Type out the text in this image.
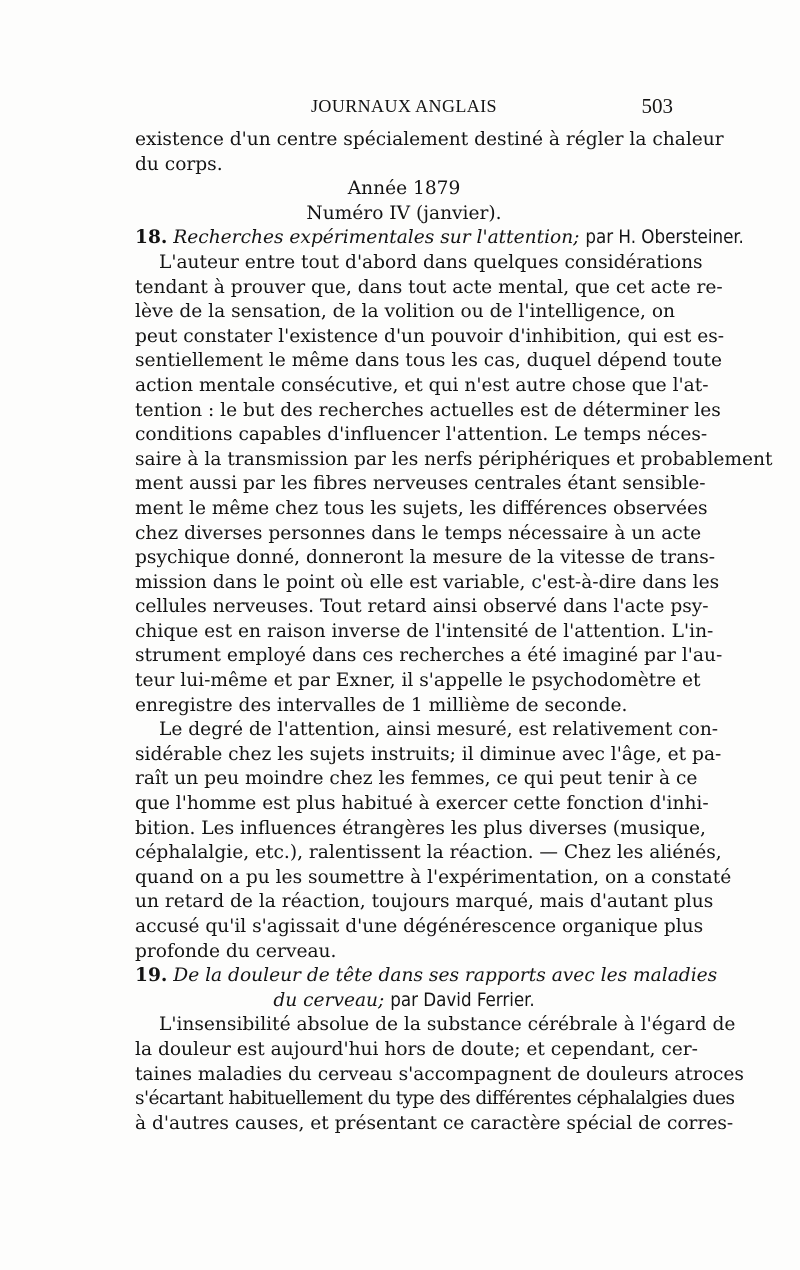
JOURNAUX ANGLAIS	503
existence d'un centre spécialement destiné à régler la chaleur
du corps.
Année 1879
Numéro IV (janvier).
18. Recherches expérimentales sur l'attention; par H. Obersteiner.
L'auteur entre tout d'abord dans quelques considérations
tendant à prouver que, dans tout acte mental, que cet acte re-
lève de la sensation, de la volition ou de l'intelligence, on
peut constater l'existence d'un pouvoir d'inhibition, qui est es-
sentiellement le même dans tous les cas, duquel dépend toute
action mentale consécutive, et qui n'est autre chose que l'at-
tention : le but des recherches actuelles est de déterminer les
conditions capables d'influencer l'attention. Le temps néces-
saire à la transmission par les nerfs périphériques et probablement
ment aussi par les fibres nerveuses centrales étant sensible-
ment le même chez tous les sujets, les différences observées
chez diverses personnes dans le temps nécessaire à un acte
psychique donné, donneront la mesure de la vitesse de trans-
mission dans le point où elle est variable, c'est-à-dire dans les
cellules nerveuses. Tout retard ainsi observé dans l'acte psy-
chique est en raison inverse de l'intensité de l'attention. L'in-
strument employé dans ces recherches a été imaginé par l'au-
teur lui-même et par Exner, il s'appelle le psychodomètre et
enregistre des intervalles de 1 millième de seconde.
Le degré de l'attention, ainsi mesuré, est relativement con-
sidérable chez les sujets instruits; il diminue avec l'âge, et pa-
raît un peu moindre chez les femmes, ce qui peut tenir à ce
que l'homme est plus habitué à exercer cette fonction d'inhi-
bition. Les influences étrangères les plus diverses (musique,
céphalalgie, etc.), ralentissent la réaction. — Chez les aliénés,
quand on a pu les soumettre à l'expérimentation, on a constaté
un retard de la réaction, toujours marqué, mais d'autant plus
accusé qu'il s'agissait d'une dégénérescence organique plus
profonde du cerveau.
19. De la douleur de tête dans ses rapports avec les maladies
du cerveau; par David Ferrier.
L'insensibilité absolue de la substance cérébrale à l'égard de
la douleur est aujourd'hui hors de doute; et cependant, cer-
taines maladies du cerveau s'accompagnent de douleurs atroces
s'écartant habituellement du type des différentes céphalalgies dues
à d'autres causes, et présentant ce caractère spécial de corres-
